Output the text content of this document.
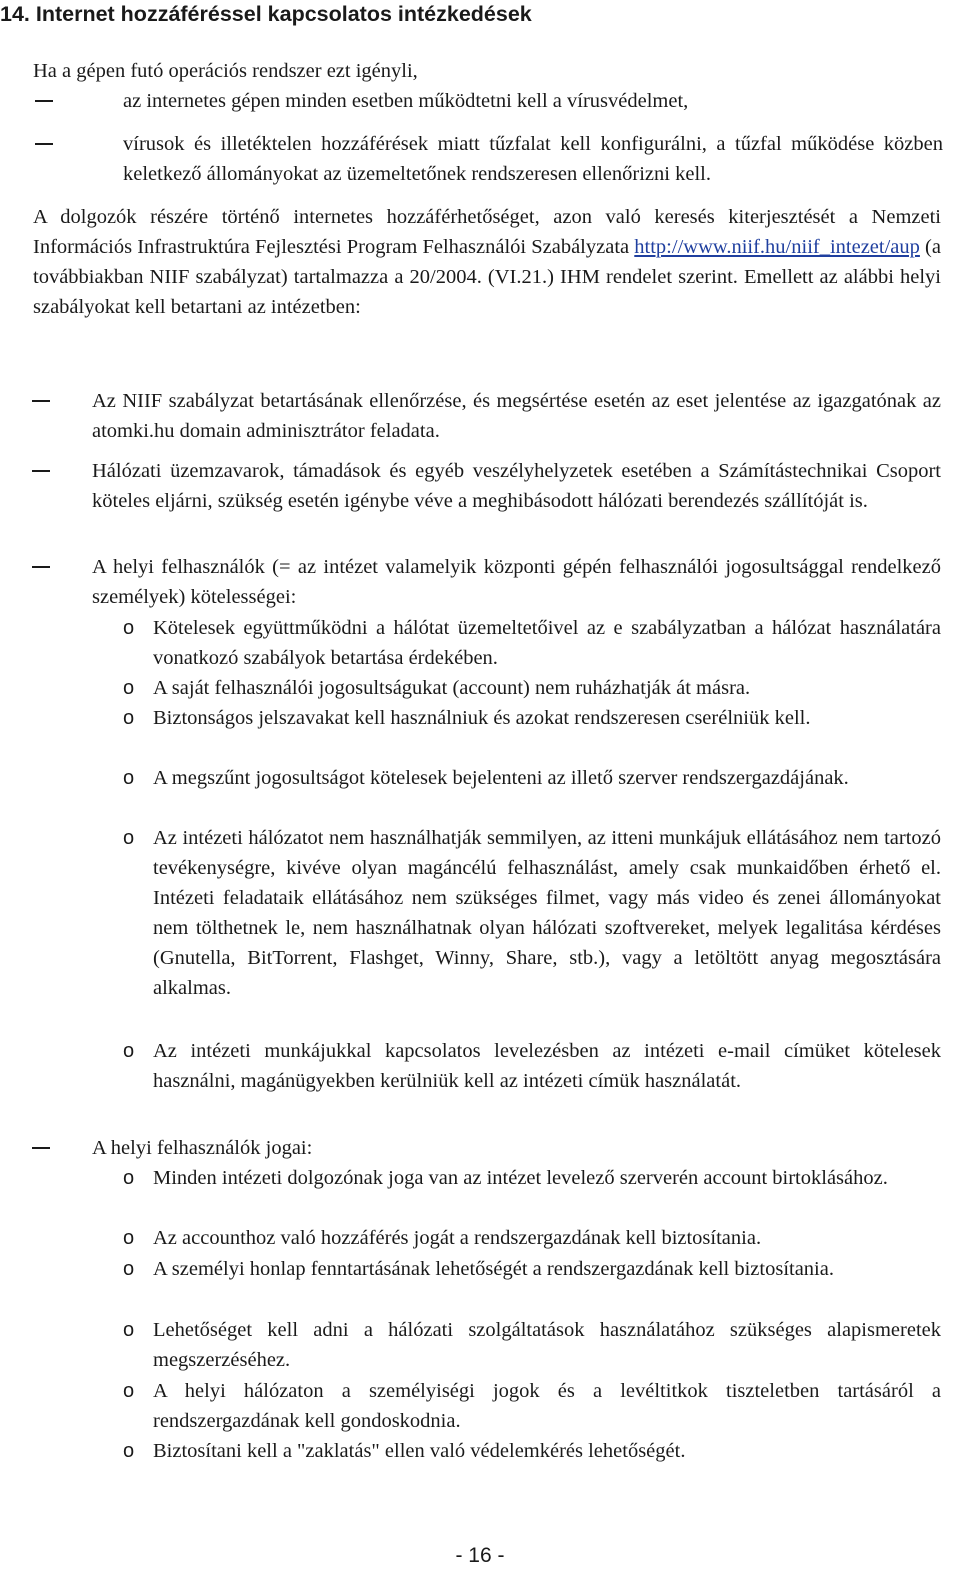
14. Internet hozzáféréssel kapcsolatos intézkedések
Ha a gépen futó operációs rendszer ezt igényli,
az internetes gépen minden esetben működtetni kell a vírusvédelmet,
vírusok és illetéktelen hozzáférések miatt tűzfalat kell konfigurálni, a tűzfal működése közben keletkező állományokat az üzemeltetőnek rendszeresen ellenőrizni kell.
A dolgozók részére történő internetes hozzáférhetőséget, azon való keresés kiterjesztését a Nemzeti Információs Infrastruktúra Fejlesztési Program Felhasználói Szabályzata http://www.niif.hu/niif_intezet/aup (a továbbiakban NIIF szabályzat) tartalmazza a 20/2004. (VI.21.) IHM rendelet szerint. Emellett az alábbi helyi szabályokat kell betartani az intézetben:
Az NIIF szabályzat betartásának ellenőrzése, és megsértése esetén az eset jelentése az igazgatónak az atomki.hu domain adminisztrátor feladata.
Hálózati üzemzavarok, támadások és egyéb veszélyhelyzetek esetében a Számítástechnikai Csoport köteles eljárni, szükség esetén igénybe véve a meghibásodott hálózati berendezés szállítóját is.
A helyi felhasználók (= az intézet valamelyik központi gépén felhasználói jogosultsággal rendelkező személyek) kötelességei:
o Kötelesek együttműködni a hálótat üzemeltetőivel az e szabályzatban a hálózat használatára vonatkozó szabályok betartása érdekében.
o A saját felhasználói jogosultságukat (account) nem ruházhatják át másra.
o Biztonságos jelszavakat kell használniuk és azokat rendszeresen cserélniük kell.
o A megszűnt jogosultságot kötelesek bejelenteni az illető szerver rendszergazdájának.
o Az intézeti hálózatot nem használhatják semmilyen, az itteni munkájuk ellátásához nem tartozó tevékenységre, kivéve olyan magáncélú felhasználást, amely csak munkaidőben érhető el. Intézeti feladataik ellátásához nem szükséges filmet, vagy más video és zenei állományokat nem tölthetnek le, nem használhatnak olyan hálózati szoftvereket, melyek legalitása kérdéses (Gnutella, BitTorrent, Flashget, Winny, Share, stb.), vagy a letöltött anyag megosztására alkalmas.
o Az intézeti munkájukkal kapcsolatos levelezésben az intézeti e-mail címüket kötelesek használni, magánügyekben kerülniük kell az intézeti címük használatát.
A helyi felhasználók jogai:
o Minden intézeti dolgozónak joga van az intézet levelező szerverén account birtoklásához.
o Az accounthoz való hozzáférés jogát a rendszergazdának kell biztosítania.
o A személyi honlap fenntartásának lehetőségét a rendszergazdának kell biztosítania.
o Lehetőséget kell adni a hálózati szolgáltatások használatához szükséges alapismeretek megszerzéséhez.
o A helyi hálózaton a személyiségi jogok és a levéltitkok tiszteletben tartásáról a rendszergazdának kell gondoskodnia.
o Biztosítani kell a "zaklatás" ellen való védelemkérés lehetőségét.
- 16 -
